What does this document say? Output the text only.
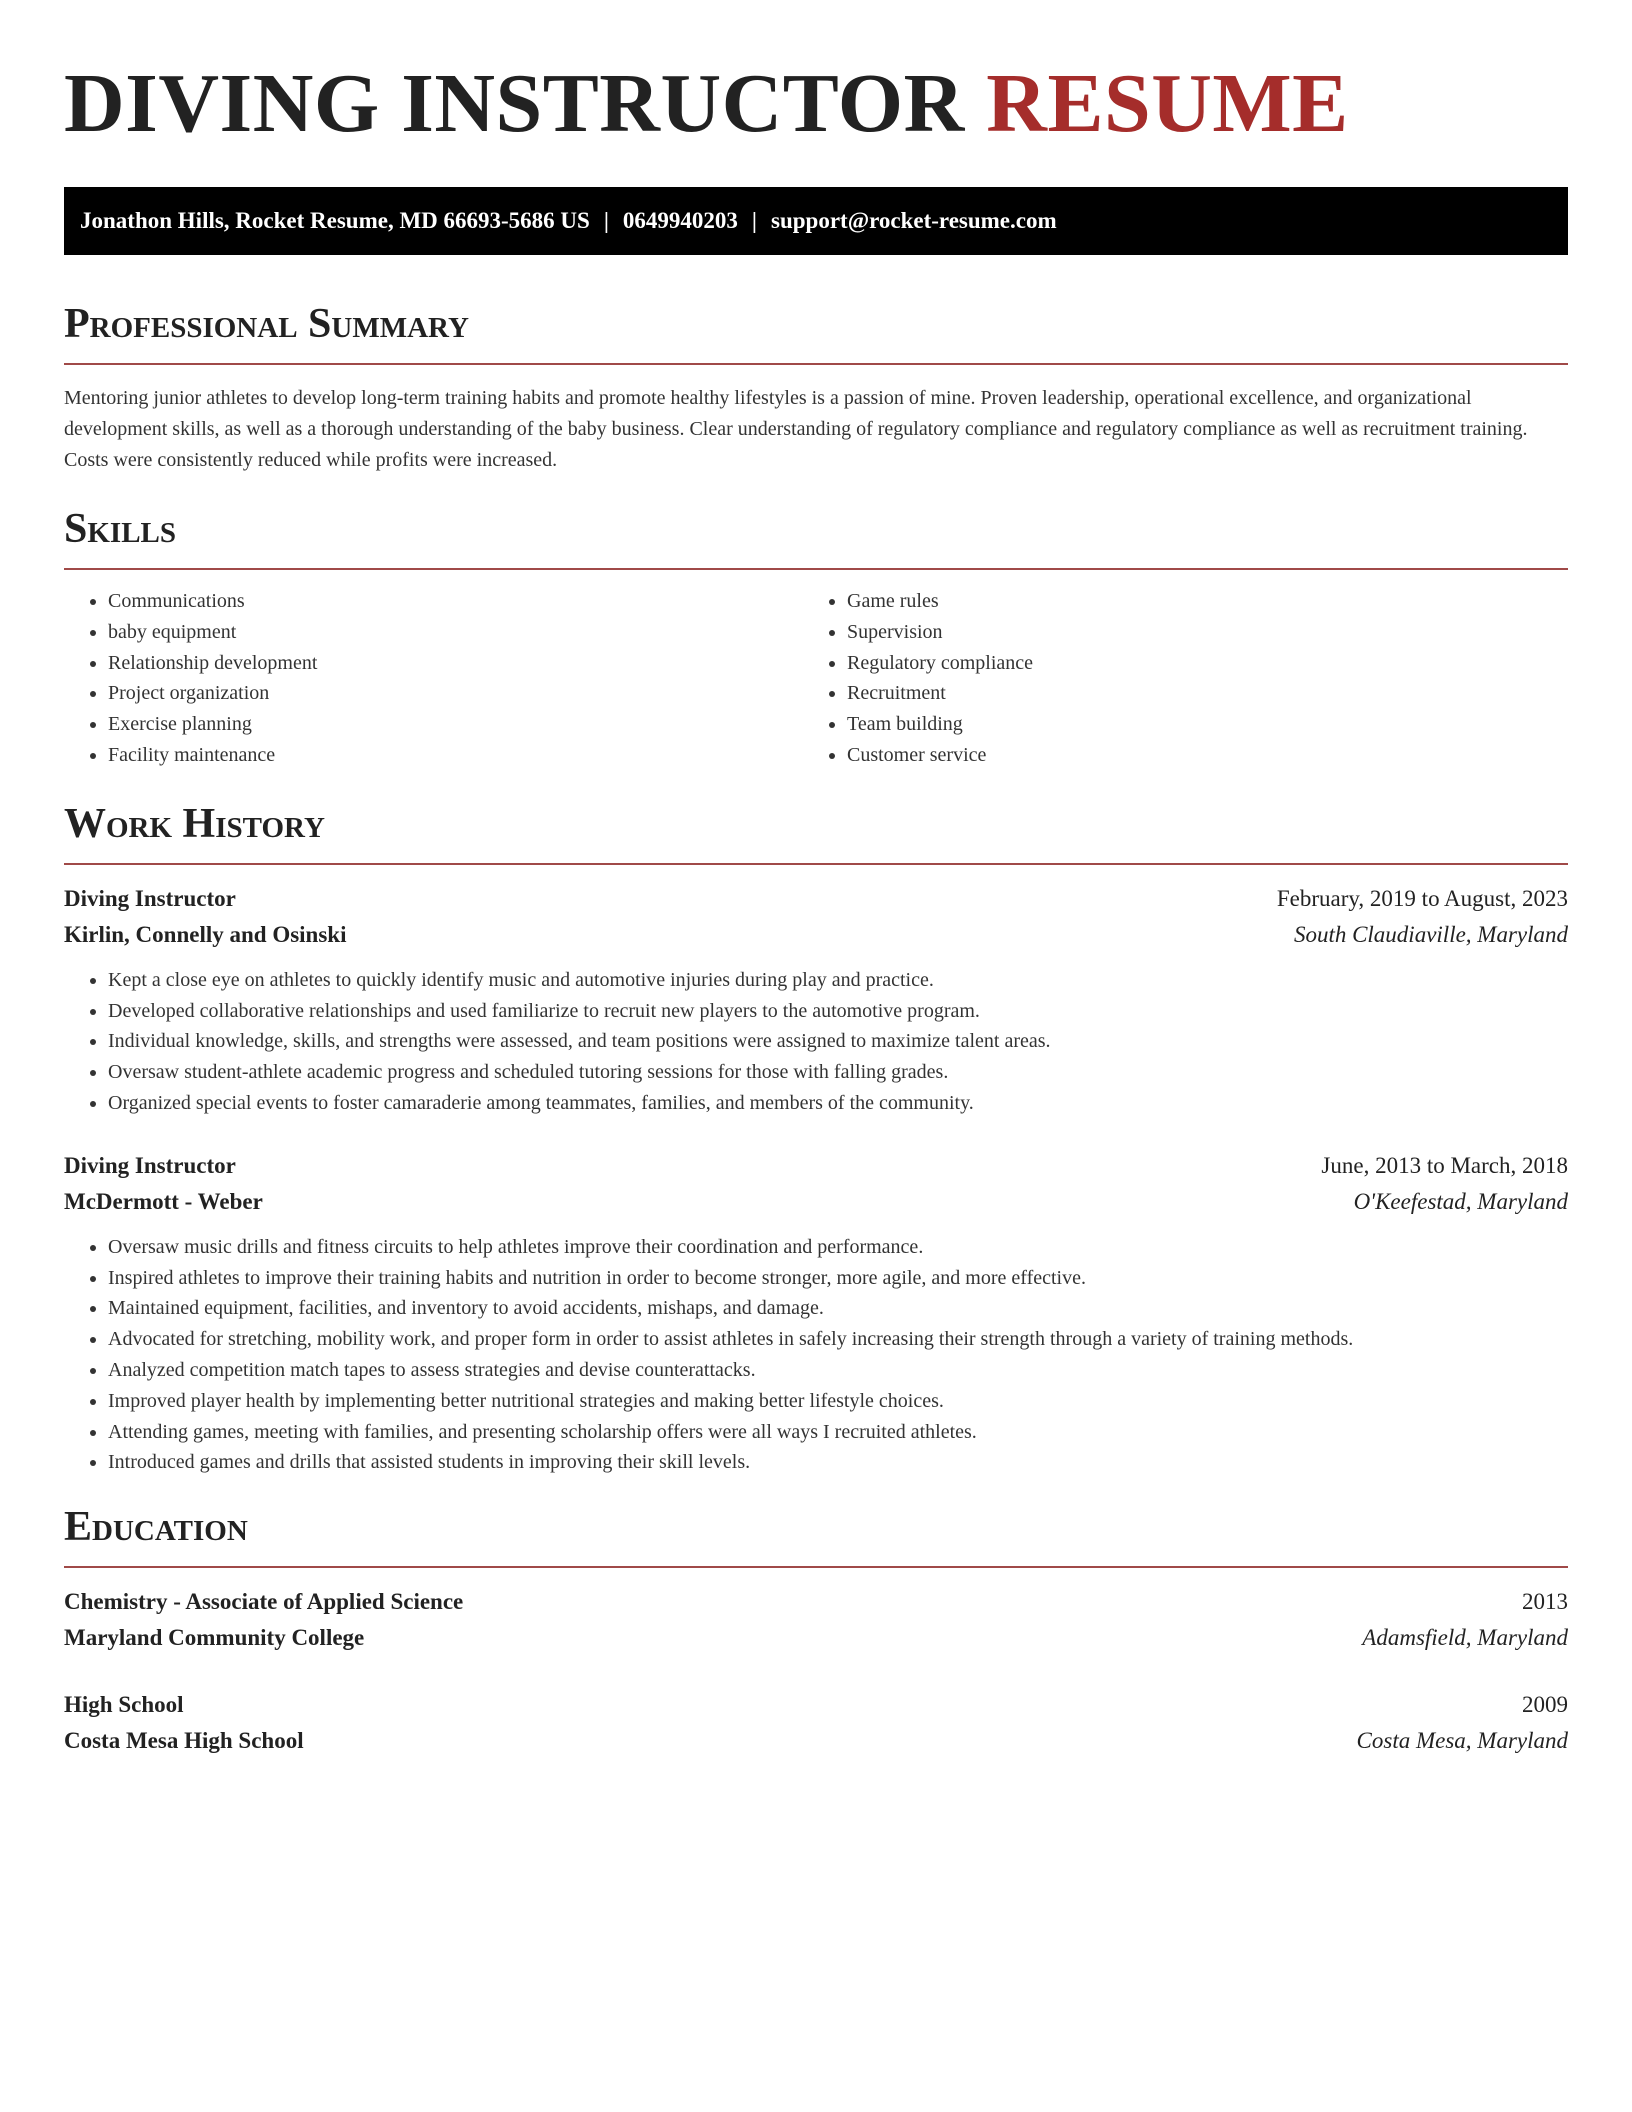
DIVING INSTRUCTOR RESUME
Jonathon Hills, Rocket Resume, MD 66693-5686 US | 0649940203 | support@rocket-resume.com
Professional Summary

Mentoring junior athletes to develop long-term training habits and promote healthy lifestyles is a passion of mine. Proven leadership, operational excellence, and organizational development skills, as well as a thorough understanding of the baby business. Clear understanding of regulatory compliance and regulatory compliance as well as recruitment training. Costs were consistently reduced while profits were increased.

Skills
• Communications
• baby equipment
• Relationship development
• Project organization
• Exercise planning
• Facility maintenance
• Game rules
• Supervision
• Regulatory compliance
• Recruitment
• Team building
• Customer service
Work History
Diving Instructor	February, 2019 to August, 2023
Kirlin, Connelly and Osinski	South Claudiaville, Maryland
• Kept a close eye on athletes to quickly identify music and automotive injuries during play and practice.
• Developed collaborative relationships and used familiarize to recruit new players to the automotive program.
• Individual knowledge, skills, and strengths were assessed, and team positions were assigned to maximize talent areas.
• Oversaw student-athlete academic progress and scheduled tutoring sessions for those with falling grades.
• Organized special events to foster camaraderie among teammates, families, and members of the community.
Diving Instructor	June, 2013 to March, 2018
McDermott - Weber	O'Keefestad, Maryland
• Oversaw music drills and fitness circuits to help athletes improve their coordination and performance.
• Inspired athletes to improve their training habits and nutrition in order to become stronger, more agile, and more effective.
• Maintained equipment, facilities, and inventory to avoid accidents, mishaps, and damage.
• Advocated for stretching, mobility work, and proper form in order to assist athletes in safely increasing their strength through a variety of training methods.
• Analyzed competition match tapes to assess strategies and devise counterattacks.
• Improved player health by implementing better nutritional strategies and making better lifestyle choices.
• Attending games, meeting with families, and presenting scholarship offers were all ways I recruited athletes.
• Introduced games and drills that assisted students in improving their skill levels.
Education
Chemistry - Associate of Applied Science	2013
Maryland Community College	Adamsfield, Maryland
High School	2009
Costa Mesa High School	Costa Mesa, Maryland
